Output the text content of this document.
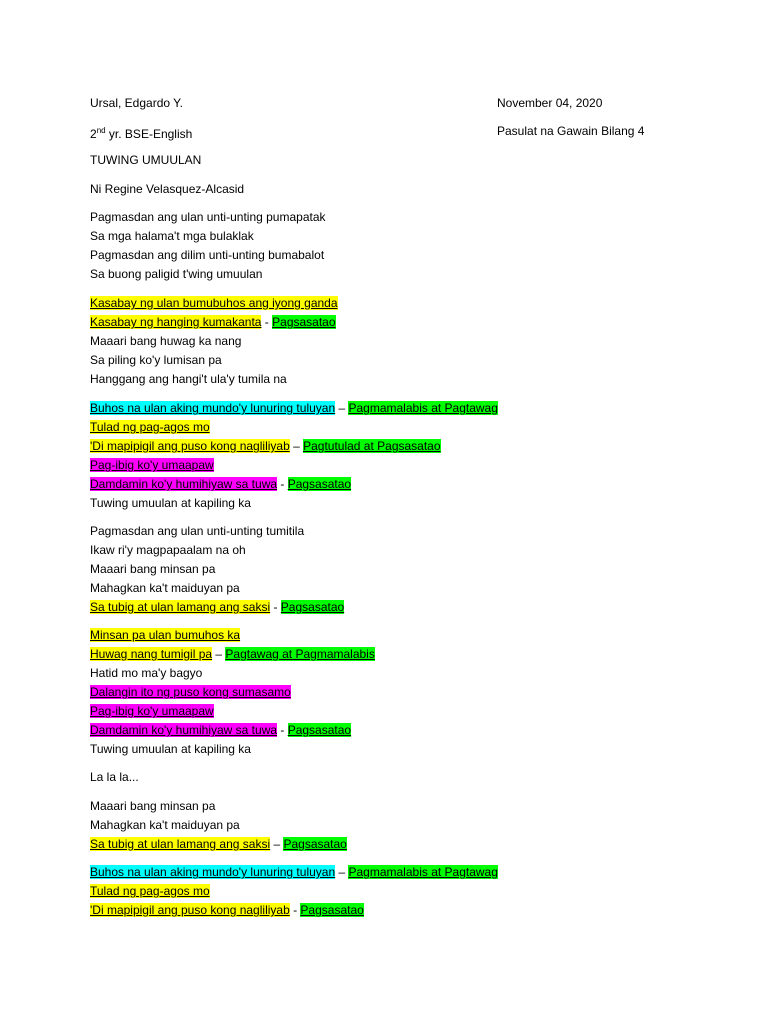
Ursal, Edgardo Y.	November 04, 2020
2nd yr. BSE-English	Pasulat na Gawain Bilang 4
TUWING UMUULAN
Ni Regine Velasquez-Alcasid
Pagmasdan ang ulan unti-unting pumapatak
Sa mga halama't mga bulaklak
Pagmasdan ang dilim unti-unting bumabalot
Sa buong paligid t'wing umuulan
Kasabay ng ulan bumubuhos ang iyong ganda
Kasabay ng hanging kumakanta - Pagsasatao
Maaari bang huwag ka nang
Sa piling ko'y lumisan pa
Hanggang ang hangi't ula'y tumila na
Buhos na ulan aking mundo'y lunuring tuluyan – Pagmamalabis at Pagtawag
Tulad ng pag-agos mo
'Di mapipigil ang puso kong nagliliyab – Pagtutulad at Pagsasatao
Pag-ibig ko'y umaapaw
Damdamin ko'y humihiyaw sa tuwa - Pagsasatao
Tuwing umuulan at kapiling ka
Pagmasdan ang ulan unti-unting tumitila
Ikaw ri'y magpapaalam na oh
Maaari bang minsan pa
Mahagkan ka't maiduyan pa
Sa tubig at ulan lamang ang saksi - Pagsasatao
Minsan pa ulan bumuhos ka
Huwag nang tumigil pa – Pagtawag at Pagmamalabis
Hatid mo ma'y bagyo
Dalangin ito ng puso kong sumasamo
Pag-ibig ko'y umaapaw
Damdamin ko'y humihiyaw sa tuwa - Pagsasatao
Tuwing umuulan at kapiling ka
La la la...
Maaari bang minsan pa
Mahagkan ka't maiduyan pa
Sa tubig at ulan lamang ang saksi – Pagsasatao
Buhos na ulan aking mundo'y lunuring tuluyan – Pagmamalabis at Pagtawag
Tulad ng pag-agos mo
'Di mapipigil ang puso kong nagliliyab - Pagsasatao
